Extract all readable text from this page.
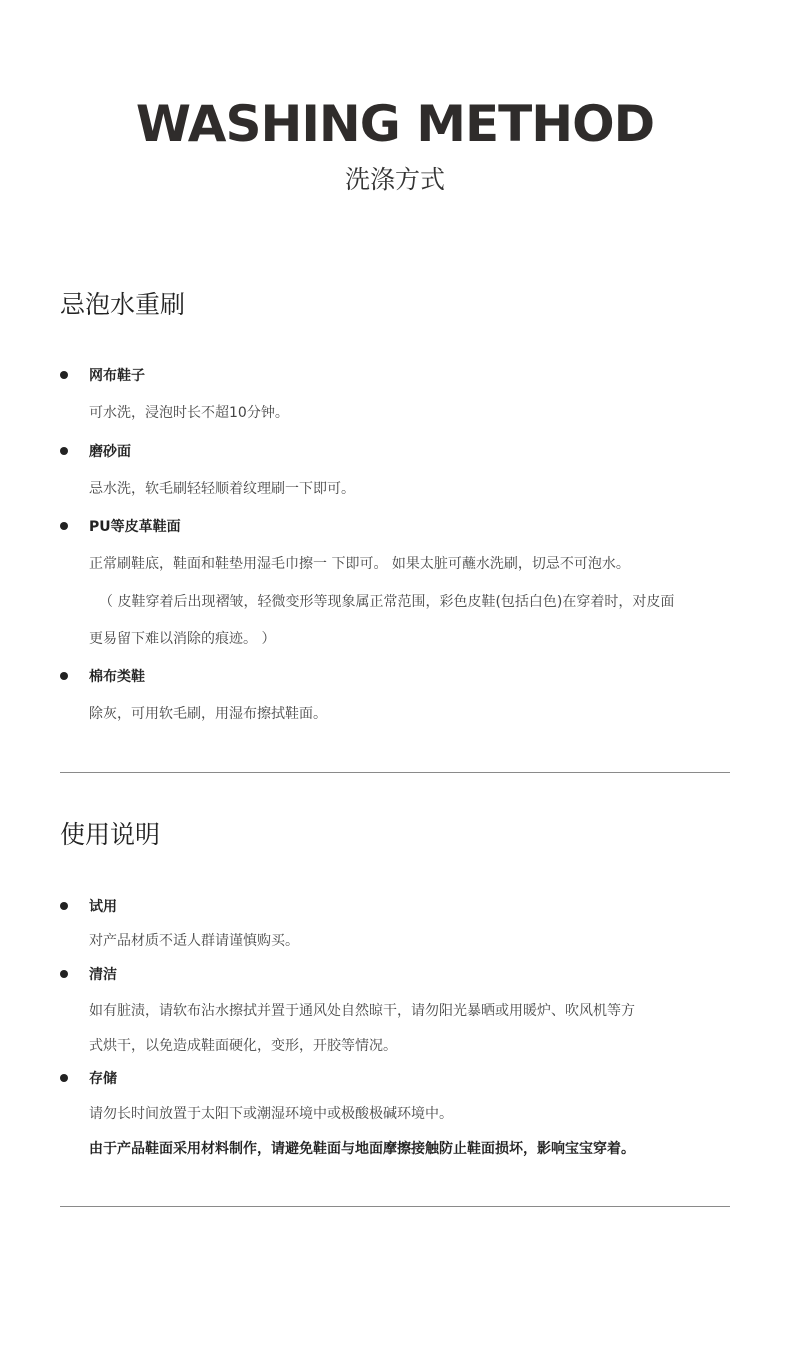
WASHING METHOD
洗涤方式
忌泡水重刷
网布鞋子
可水洗，浸泡时长不超10分钟。
磨砂面
忌水洗，软毛刷轻轻顺着纹理刷一下即可。
PU等皮革鞋面
正常刷鞋底，鞋面和鞋垫用湿毛巾擦一 下即可。 如果太脏可蘸水洗刷，切忌不可泡水。
（ 皮鞋穿着后出现褶皱，轻微变形等现象属正常范围，彩色皮鞋(包括白色)在穿着时，对皮面
更易留下难以消除的痕迹。 ）
棉布类鞋
除灰，可用软毛刷，用湿布擦拭鞋面。
使用说明
试用
对产品材质不适人群请谨慎购买。
清洁
如有脏渍，请软布沾水擦拭并置于通风处自然晾干，请勿阳光暴晒或用暖炉、吹风机等方
式烘干，以免造成鞋面硬化，变形，开胶等情况。
存储
请勿长时间放置于太阳下或潮湿环境中或极酸极碱环境中。
由于产品鞋面采用材料制作，请避免鞋面与地面摩擦接触防止鞋面损坏，影响宝宝穿着。
